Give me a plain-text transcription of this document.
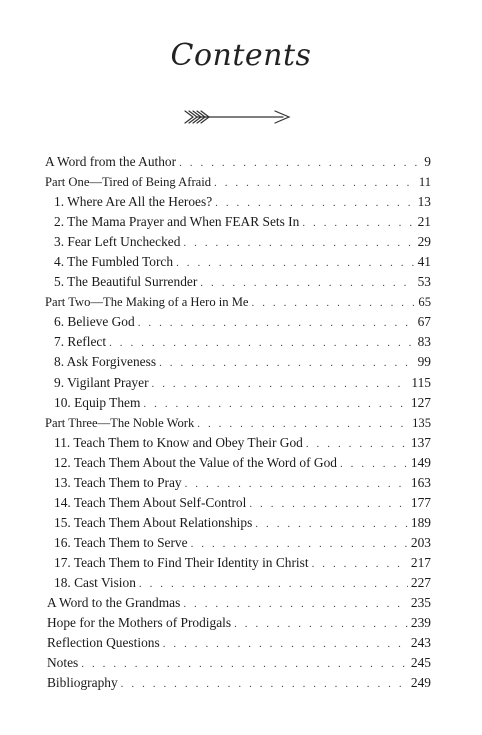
Contents
A Word from the Author . . .	9
Part One—Tired of Being Afraid . . .	11
1. Where Are All the Heroes? . . .	13
2. The Mama Prayer and When FEAR Sets In . . .	21
3. Fear Left Unchecked . . .	29
4. The Fumbled Torch . . .	41
5. The Beautiful Surrender . . .	53
Part Two—The Making of a Hero in Me . . .	65
6. Believe God . . .	67
7. Reflect . . .	83
8. Ask Forgiveness . . .	99
9. Vigilant Prayer . . .	115
10. Equip Them . . .	127
Part Three—The Noble Work . . .	135
11. Teach Them to Know and Obey Their God . . .	137
12. Teach Them About the Value of the Word of God . . .	149
13. Teach Them to Pray . . .	163
14. Teach Them About Self-Control . . .	177
15. Teach Them About Relationships . . .	189
16. Teach Them to Serve . . .	203
17. Teach Them to Find Their Identity in Christ . . .	217
18. Cast Vision . . .	227
A Word to the Grandmas . . .	235
Hope for the Mothers of Prodigals . . .	239
Reflection Questions . . .	243
Notes . . .	245
Bibliography . . .	249
